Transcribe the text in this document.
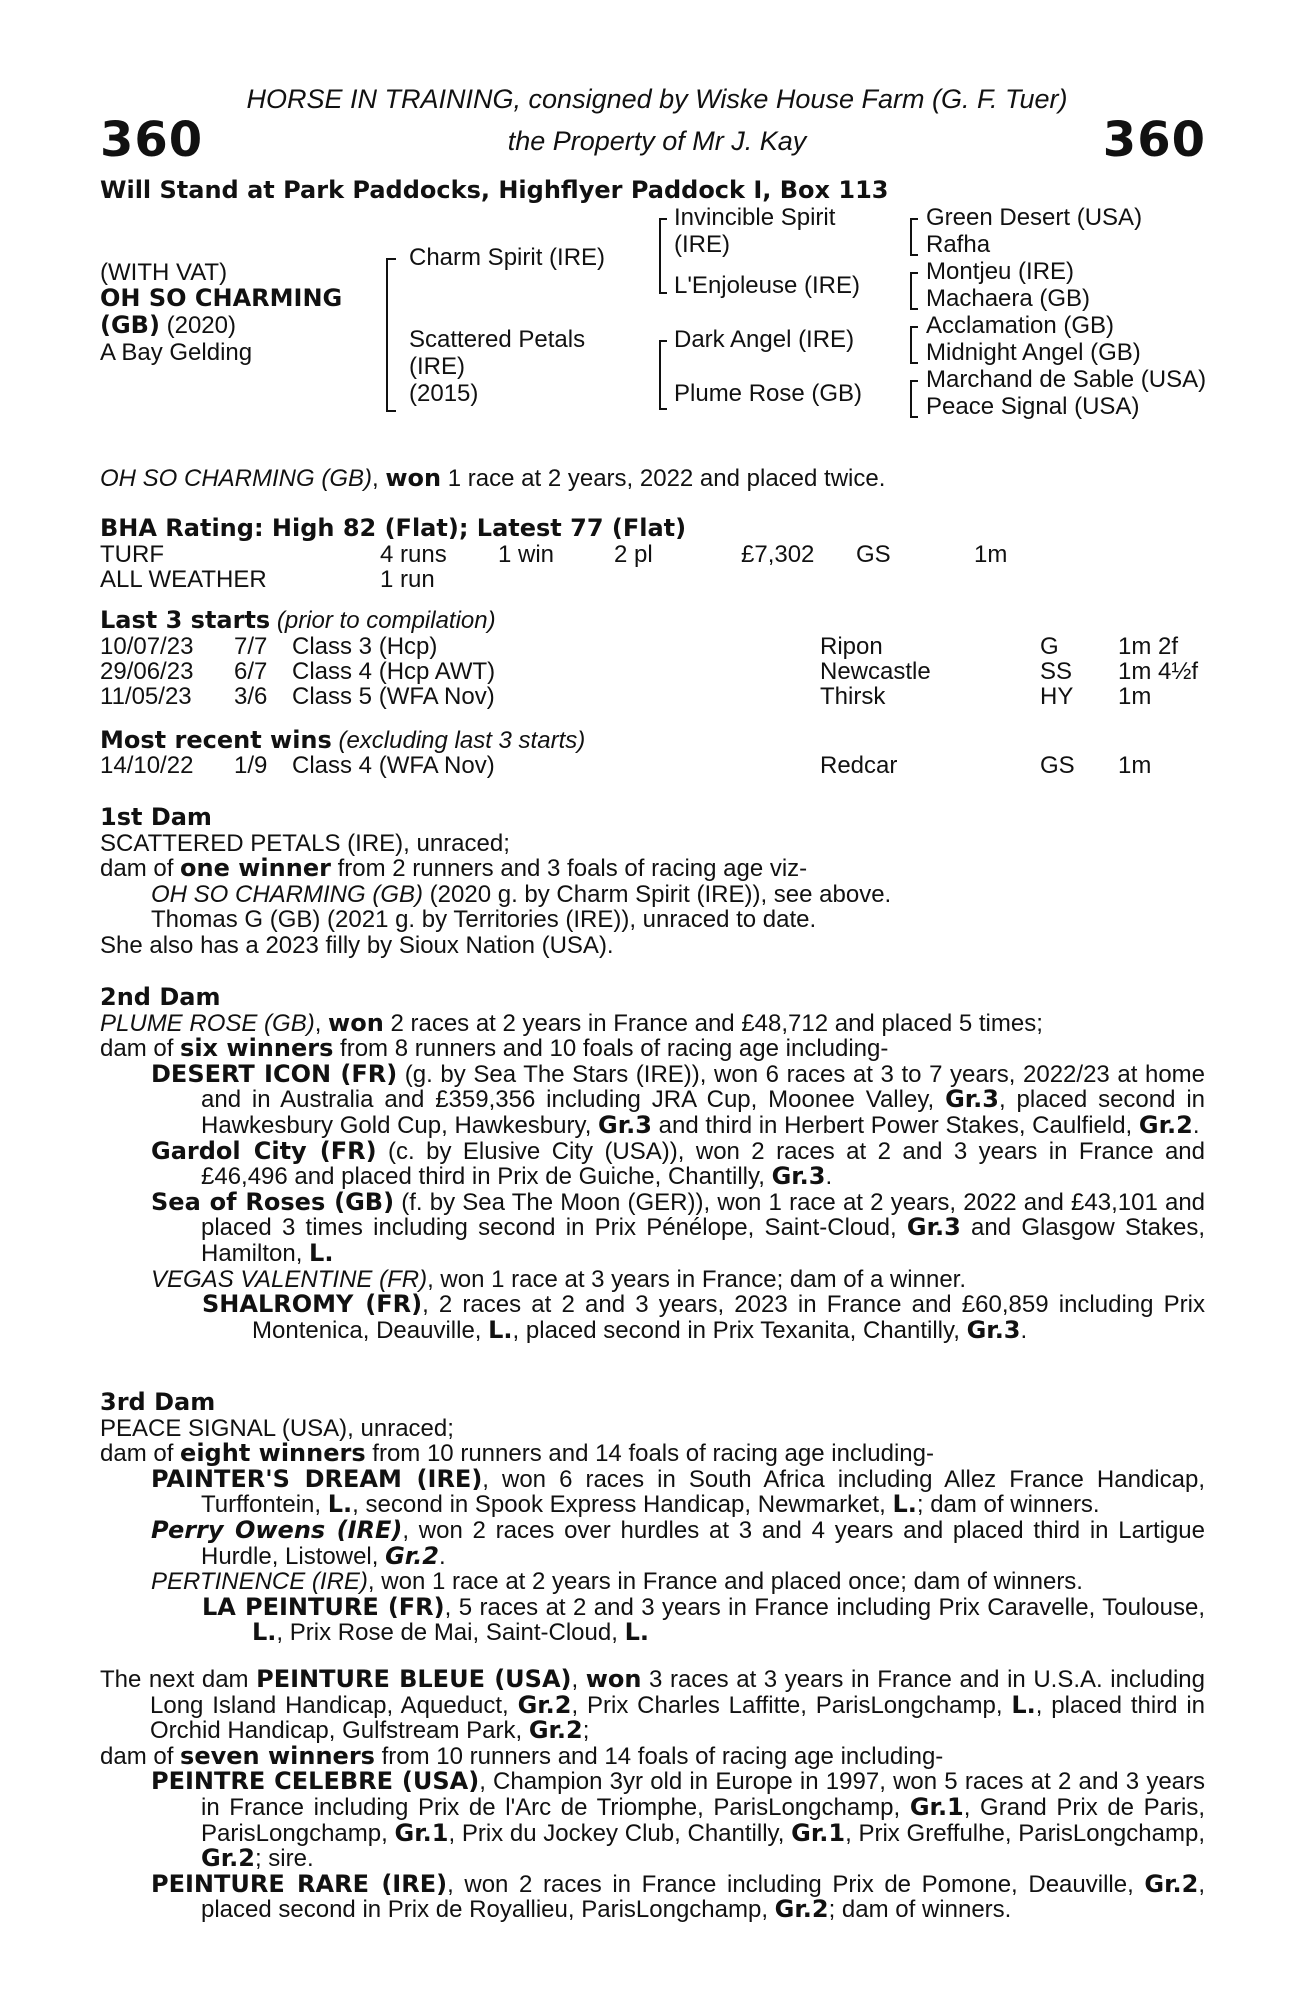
HORSE IN TRAINING, consigned by Wiske House Farm (G. F. Tuer)
the Property of Mr J. Kay
360	360
Will Stand at Park Paddocks, Highflyer Paddock I, Box 113
(WITH VAT)
OH SO CHARMING
(GB) (2020)
A Bay Gelding
Charm Spirit (IRE)
Scattered Petals
(IRE)
(2015)
Invincible Spirit
(IRE)
L'Enjoleuse (IRE)
Dark Angel (IRE)
Plume Rose (GB)
Green Desert (USA)
Rafha
Montjeu (IRE)
Machaera (GB)
Acclamation (GB)
Midnight Angel (GB)
Marchand de Sable (USA)
Peace Signal (USA)
OH SO CHARMING (GB), won 1 race at 2 years, 2022 and placed twice.
BHA Rating: High 82 (Flat); Latest 77 (Flat)
TURF	4 runs 1 win 2 pl	£7,302 GS	1m
ALL WEATHER	1 run
Last 3 starts (prior to compilation)
10/07/23 7/7 Class 3 (Hcp)	Ripon	G 1m 2f
29/06/23 6/7 Class 4 (Hcp AWT)	Newcastle	SS 1m 4½f
11/05/23 3/6 Class 5 (WFA Nov)	Thirsk	HY 1m
Most recent wins (excluding last 3 starts)
14/10/22 1/9 Class 4 (WFA Nov)	Redcar	GS 1m

1st Dam

SCATTERED PETALS (IRE), unraced;

dam of one winner from 2 runners and 3 foals of racing age viz-

OH SO CHARMING (GB) (2020 g. by Charm Spirit (IRE)), see above.

Thomas G (GB) (2021 g. by Territories (IRE)), unraced to date.

She also has a 2023 filly by Sioux Nation (USA).

2nd Dam

PLUME ROSE (GB), won 2 races at 2 years in France and £48,712 and placed 5 times;

dam of six winners from 8 runners and 10 foals of racing age including-

DESERT ICON (FR) (g. by Sea The Stars (IRE)), won 6 races at 3 to 7 years, 2022/23 at home and in Australia and £359,356 including JRA Cup, Moonee Valley, Gr.3, placed second in Hawkesbury Gold Cup, Hawkesbury, Gr.3 and third in Herbert Power Stakes, Caulfield, Gr.2.

Gardol City (FR) (c. by Elusive City (USA)), won 2 races at 2 and 3 years in France and £46,496 and placed third in Prix de Guiche, Chantilly, Gr.3.

Sea of Roses (GB) (f. by Sea The Moon (GER)), won 1 race at 2 years, 2022 and £43,101 and placed 3 times including second in Prix Pénélope, Saint-Cloud, Gr.3 and Glasgow Stakes, Hamilton, L.

VEGAS VALENTINE (FR), won 1 race at 3 years in France; dam of a winner.

SHALROMY (FR), 2 races at 2 and 3 years, 2023 in France and £60,859 including Prix Montenica, Deauville, L., placed second in Prix Texanita, Chantilly, Gr.3.

3rd Dam

PEACE SIGNAL (USA), unraced;

dam of eight winners from 10 runners and 14 foals of racing age including-

PAINTER'S DREAM (IRE), won 6 races in South Africa including Allez France Handicap, Turffontein, L., second in Spook Express Handicap, Newmarket, L.; dam of winners.

Perry Owens (IRE), won 2 races over hurdles at 3 and 4 years and placed third in Lartigue Hurdle, Listowel, Gr.2.

PERTINENCE (IRE), won 1 race at 2 years in France and placed once; dam of winners.

LA PEINTURE (FR), 5 races at 2 and 3 years in France including Prix Caravelle, Toulouse, L., Prix Rose de Mai, Saint-Cloud, L.

The next dam PEINTURE BLEUE (USA), won 3 races at 3 years in France and in U.S.A. including Long Island Handicap, Aqueduct, Gr.2, Prix Charles Laffitte, ParisLongchamp, L., placed third in Orchid Handicap, Gulfstream Park, Gr.2;

dam of seven winners from 10 runners and 14 foals of racing age including-

PEINTRE CELEBRE (USA), Champion 3yr old in Europe in 1997, won 5 races at 2 and 3 years in France including Prix de l'Arc de Triomphe, ParisLongchamp, Gr.1, Grand Prix de Paris, ParisLongchamp, Gr.1, Prix du Jockey Club, Chantilly, Gr.1, Prix Greffulhe, ParisLongchamp, Gr.2; sire.

PEINTURE RARE (IRE), won 2 races in France including Prix de Pomone, Deauville, Gr.2, placed second in Prix de Royallieu, ParisLongchamp, Gr.2; dam of winners.
